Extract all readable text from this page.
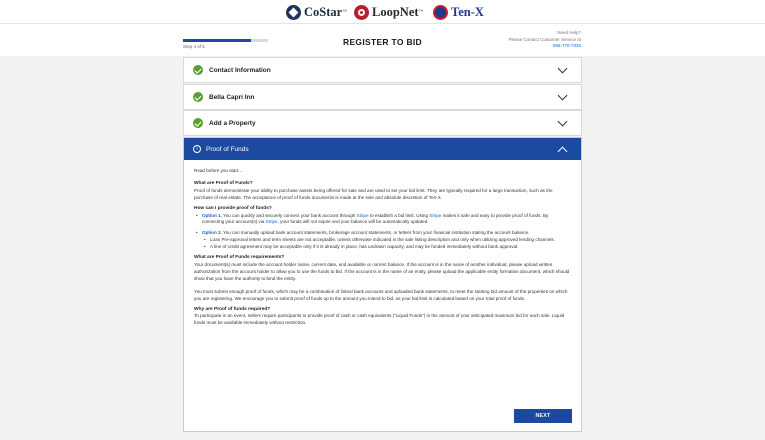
CoStar ™ LoopNet ™ Ten-X
Step 4 of 5	REGISTER TO BID
Need Help?
Please Contact Customer Service at
866-770-7332
Contact Information
Bella Capri Inn
Add a Property
i	Proof of Funds

Read before you start...

What are Proof of Funds?

Proof of funds demonstrate your ability to purchase assets being offered for sale and are used to set your bid limit. They are typically required for a large transaction, such as the purchase of real estate. The acceptance of proof of funds documents is made at the sole and absolute discretion of Ten-X.

How can I provide proof of funds?

• Option 1. You can quickly and securely connect your bank account through Stripe to establish a bid limit. Using Stripe makes it safe and easy to provide proof of funds. By connecting your account(s) via Stripe, your funds will not expire and your balance will be automatically updated.

• Option 2. You can manually upload bank account statements, brokerage account statements, or letters from your financial institution stating the account balance.

• Loan Pre-approval letters and term sheets are not acceptable, unless otherwise indicated in the sale listing description and only when utilizing approved lending channels.

• A line of credit agreement may be acceptable only if it is already in place, has undrawn capacity, and may be funded immediately without bank approval.

What are Proof of Funds requirements?

Your document(s) must include the account holder name, current date, and available or current balance. If the account is in the name of another individual, please upload written authorization from the account holder to allow you to use the funds to bid. If the account is in the name of an entity, please upload the applicable entity formation document, which should show that you have the authority to bind the entity.

You must submit enough proof of funds, which may be a combination of linked bank accounts and uploaded bank statements, to meet the starting bid amount of the properties on which you are registering. We encourage you to submit proof of funds up to the amount you intend to bid, as your bid limit is calculated based on your total proof of funds.

Why are Proof of funds required?

To participate in an event, sellers require participants to provide proof of cash or cash equivalents ("Liquid Funds") in the amount of your anticipated maximum bid for each sale. Liquid funds must be available immediately without restriction.

NEXT
